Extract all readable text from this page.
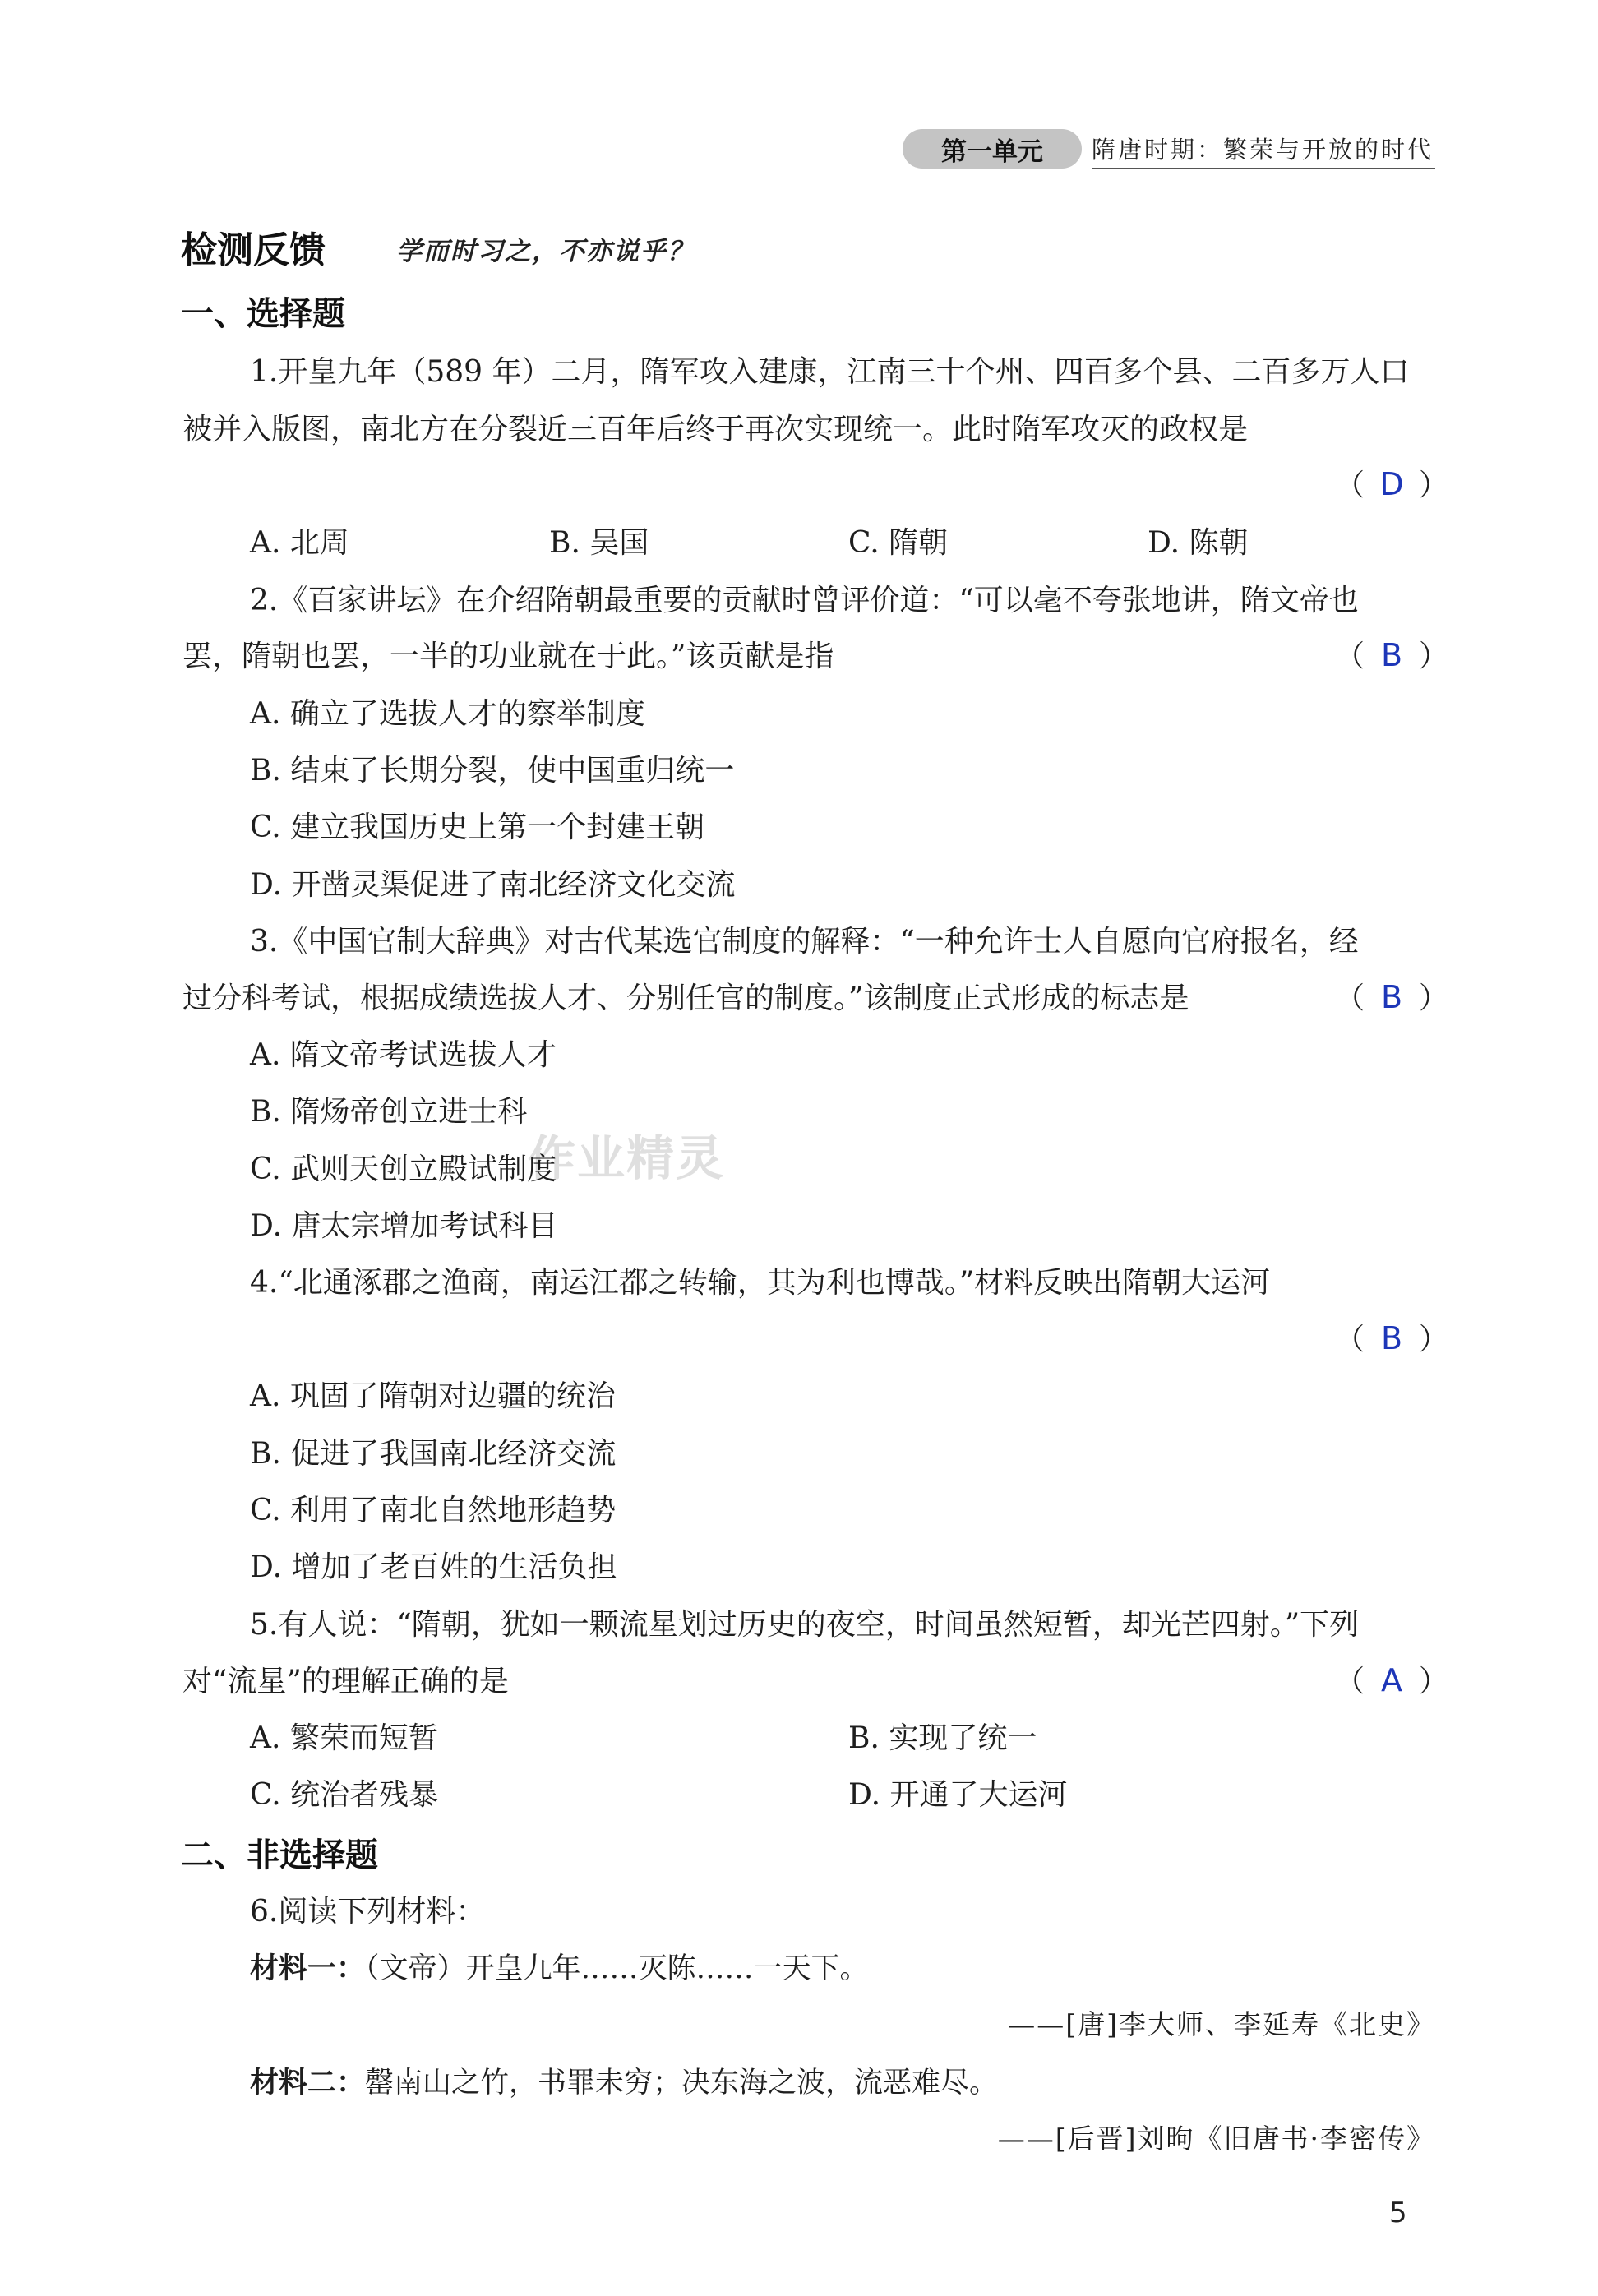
第一单元	隋唐时期：繁荣与开放的时代
检测反馈	学而时习之，不亦说乎？
一、选择题
1.开皇九年（589 年）二月，隋军攻入建康，江南三十个州、四百多个县、二百多万人口
被并入版图，南北方在分裂近三百年后终于再次实现统一。此时隋军攻灭的政权是
（ D ）
A. 北周	B. 吴国	C. 隋朝	D. 陈朝
2.《百家讲坛》在介绍隋朝最重要的贡献时曾评价道：“可以毫不夸张地讲，隋文帝也
罢，隋朝也罢，一半的功业就在于此。”该贡献是指	（ B ）
A. 确立了选拔人才的察举制度
B. 结束了长期分裂，使中国重归统一
C. 建立我国历史上第一个封建王朝
D. 开凿灵渠促进了南北经济文化交流
3.《中国官制大辞典》对古代某选官制度的解释：“一种允许士人自愿向官府报名，经
过分科考试，根据成绩选拔人才、分别任官的制度。”该制度正式形成的标志是	（ B ）
A. 隋文帝考试选拔人才
B. 隋炀帝创立进士科
C. 武则天创立殿试制度
D. 唐太宗增加考试科目
作业精灵
4.“北通涿郡之渔商，南运江都之转输，其为利也博哉。”材料反映出隋朝大运河
（ B ）
A. 巩固了隋朝对边疆的统治
B. 促进了我国南北经济交流
C. 利用了南北自然地形趋势
D. 增加了老百姓的生活负担
5.有人说：“隋朝，犹如一颗流星划过历史的夜空，时间虽然短暂，却光芒四射。”下列
对“流星”的理解正确的是	（ A ）
A. 繁荣而短暂	B. 实现了统一
C. 统治者残暴	D. 开通了大运河
二、非选择题
6.阅读下列材料：
材料一：（文帝）开皇九年……灭陈……一天下。
——[唐]李大师、李延寿《北史》
材料二：罄南山之竹，书罪未穷；决东海之波，流恶难尽。
——[后晋]刘昫《旧唐书·李密传》
5
